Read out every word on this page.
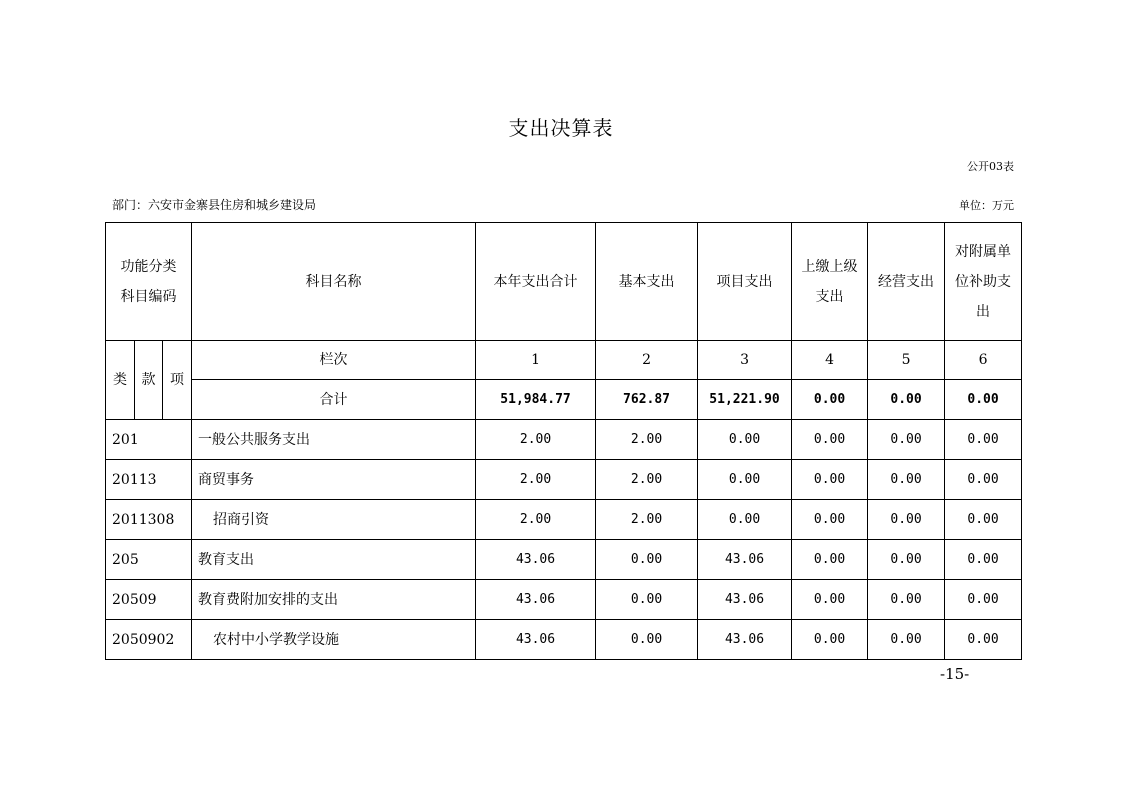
支出决算表
公开03表
部门：六安市金寨县住房和城乡建设局	单位：万元
功能分类科目编码			科目名称	本年支出合计	基本支出	项目支出	上缴上级支出	经营支出	对附属单位补助支出

类	款	项	栏次	1	2	3	4	5	6
			合计	51,984.77	762.87	51,221.90	0.00	0.00	0.00
201			一般公共服务支出	2.00	2.00	0.00	0.00	0.00	0.00
20113			商贸事务	2.00	2.00	0.00	0.00	0.00	0.00
2011308			招商引资	2.00	2.00	0.00	0.00	0.00	0.00
205			教育支出	43.06	0.00	43.06	0.00	0.00	0.00
20509			教育费附加安排的支出	43.06	0.00	43.06	0.00	0.00	0.00
2050902			农村中小学教学设施	43.06	0.00	43.06	0.00	0.00	0.00
-15-
